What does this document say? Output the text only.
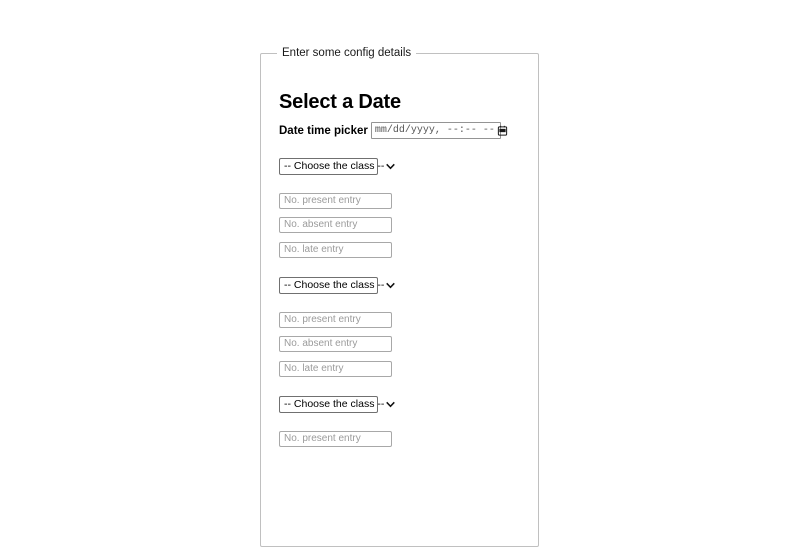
Enter some config details
Select a Date
Date time picker mm/dd/yyyy, --:-- --
-- Choose the class --
No. present entry
No. absent entry
No. late entry
-- Choose the class --
No. present entry
No. absent entry
No. late entry
-- Choose the class --
No. present entry
